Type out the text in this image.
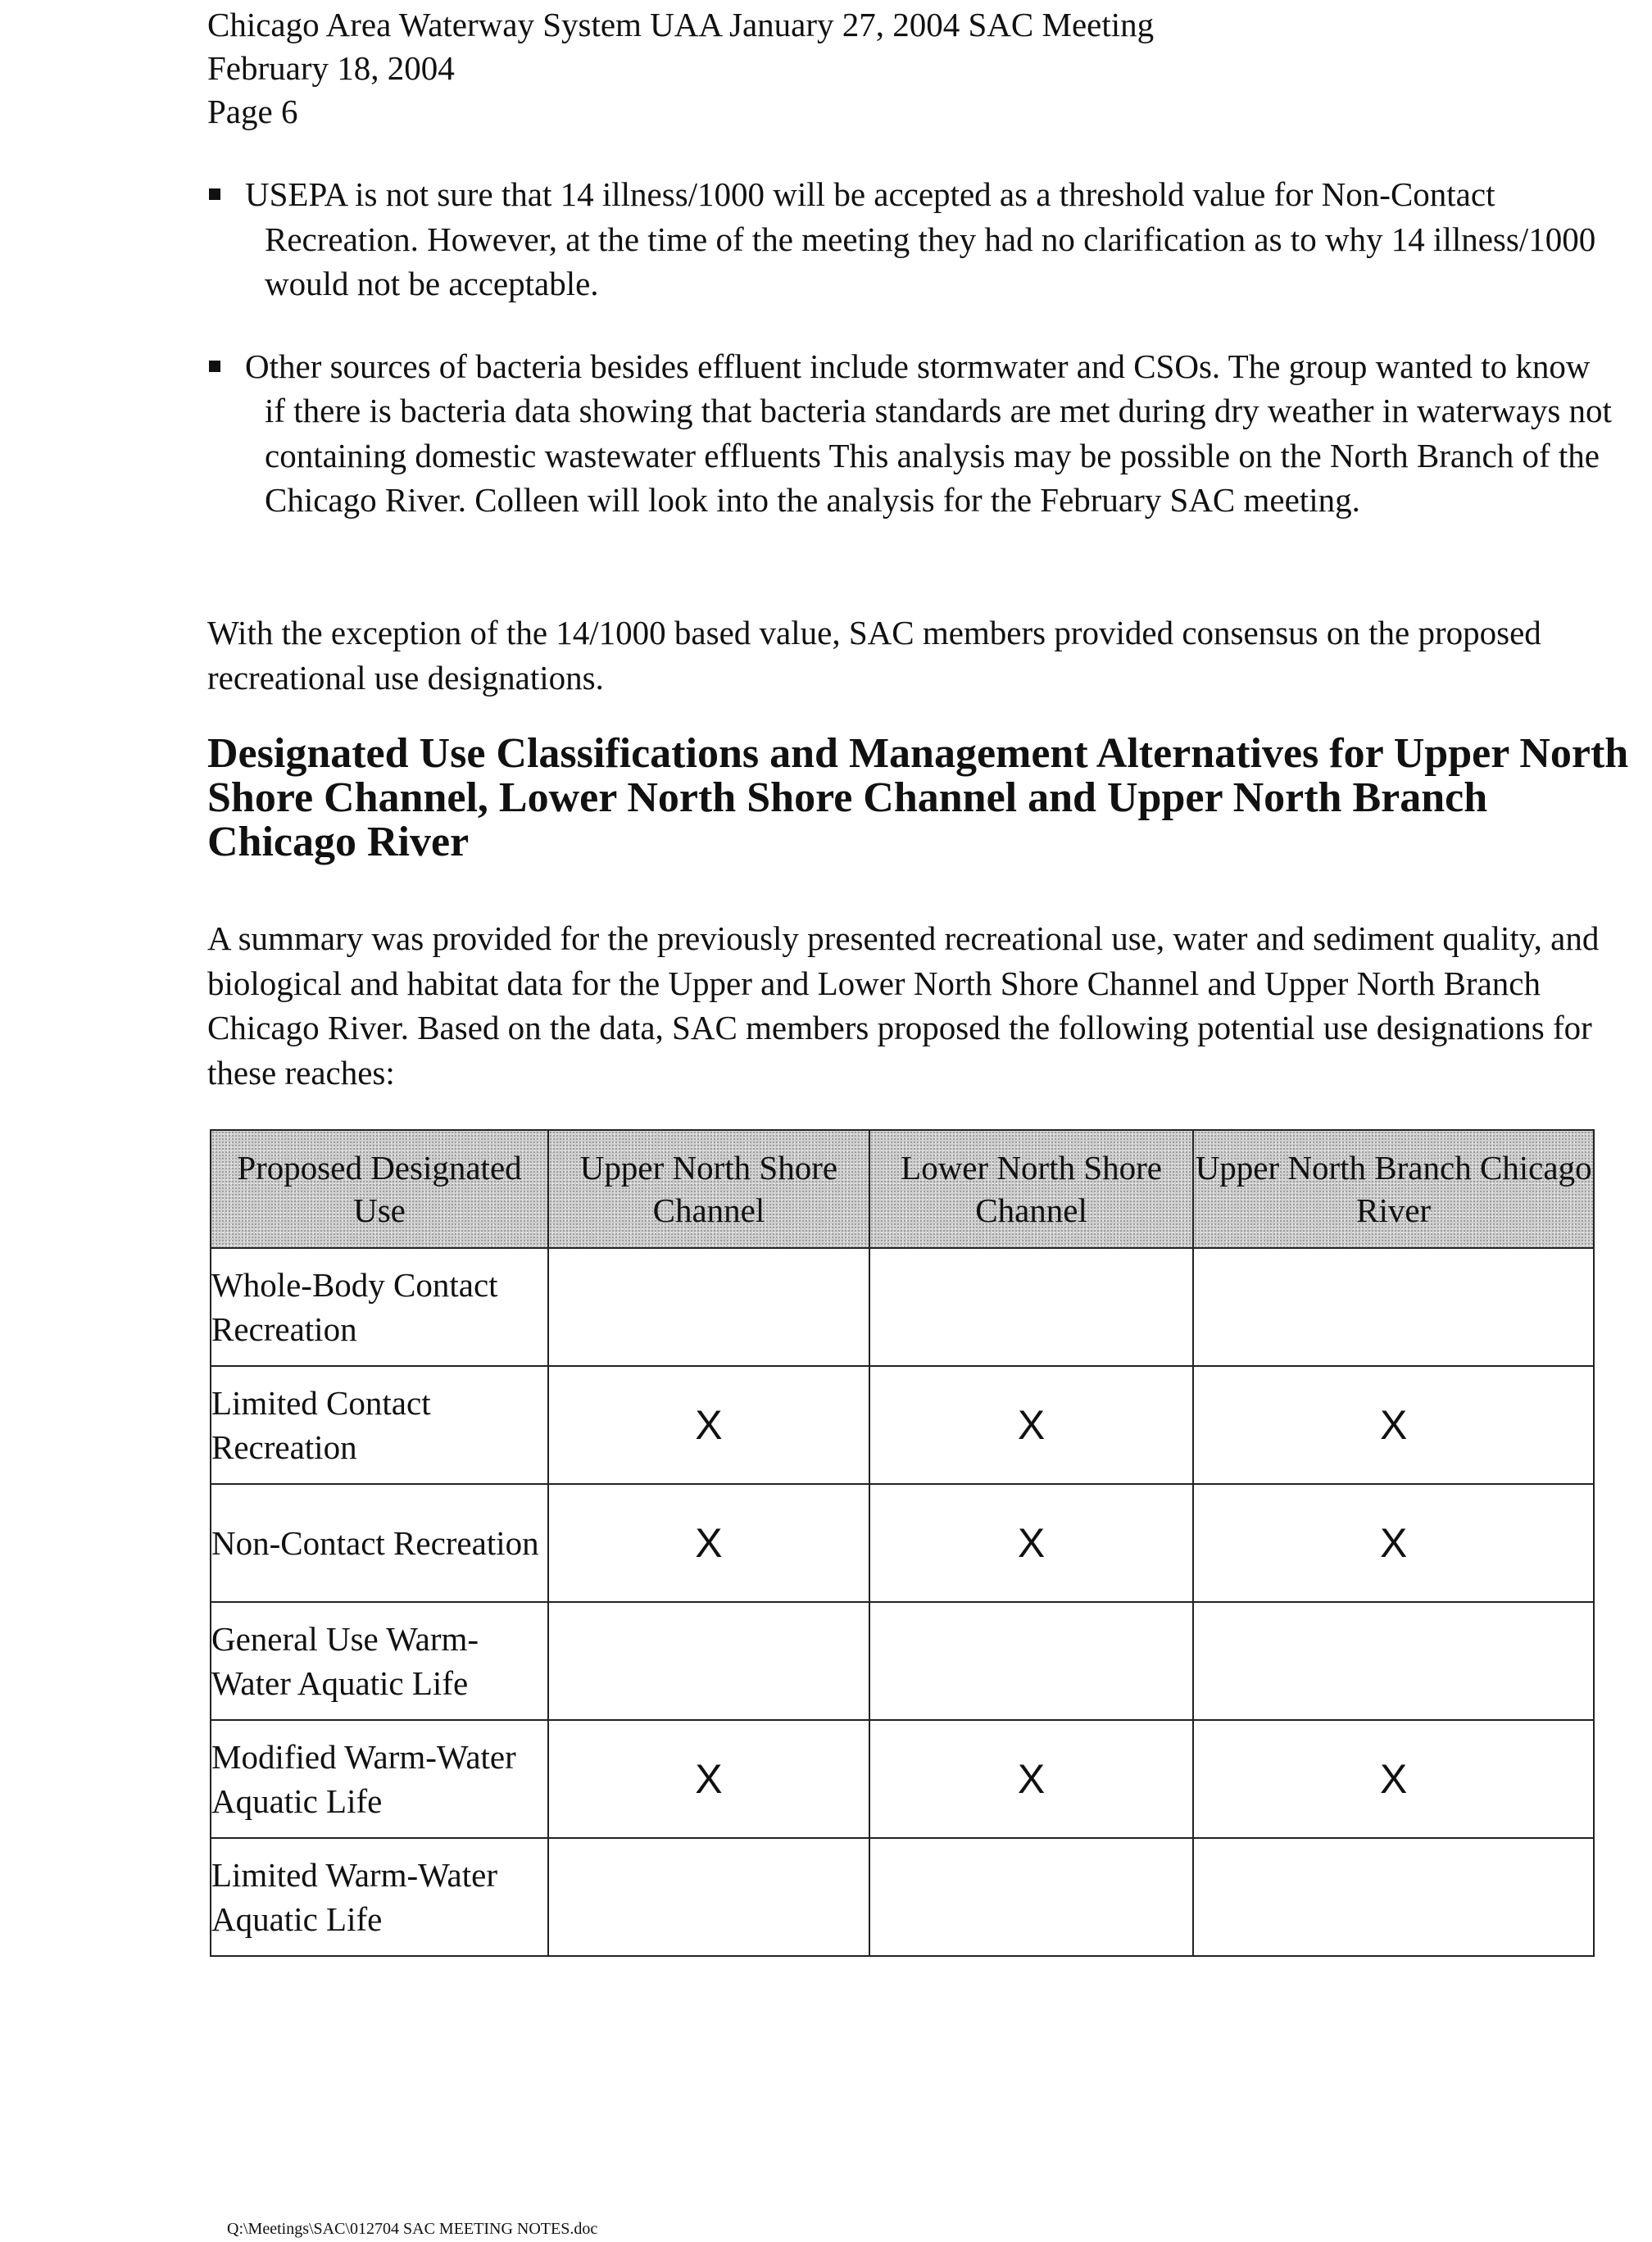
Chicago Area Waterway System UAA January 27, 2004 SAC Meeting
February 18, 2004
Page 6
USEPA is not sure that 14 illness/1000 will be accepted as a threshold value for Non-Contact Recreation. However, at the time of the meeting they had no clarification as to why 14 illness/1000 would not be acceptable.
Other sources of bacteria besides effluent include stormwater and CSOs. The group wanted to know if there is bacteria data showing that bacteria standards are met during dry weather in waterways not containing domestic wastewater effluents This analysis may be possible on the North Branch of the Chicago River. Colleen will look into the analysis for the February SAC meeting.

With the exception of the 14/1000 based value, SAC members provided consensus on the proposed recreational use designations.

Designated Use Classifications and Management Alternatives for Upper North Shore Channel, Lower North Shore Channel and Upper North Branch Chicago River

A summary was provided for the previously presented recreational use, water and sediment quality, and biological and habitat data for the Upper and Lower North Shore Channel and Upper North Branch Chicago River. Based on the data, SAC members proposed the following potential use designations for these reaches:

Proposed Designated Use	Upper North Shore Channel	Lower North Shore Channel	Upper North Branch Chicago River
Whole-Body Contact Recreation			
Limited Contact Recreation	X	X	X
Non-Contact Recreation	X	X	X
General Use Warm-Water Aquatic Life			
Modified Warm-Water Aquatic Life	X	X	X
Limited Warm-Water Aquatic Life			
Q:\Meetings\SAC\012704 SAC MEETING NOTES.doc
